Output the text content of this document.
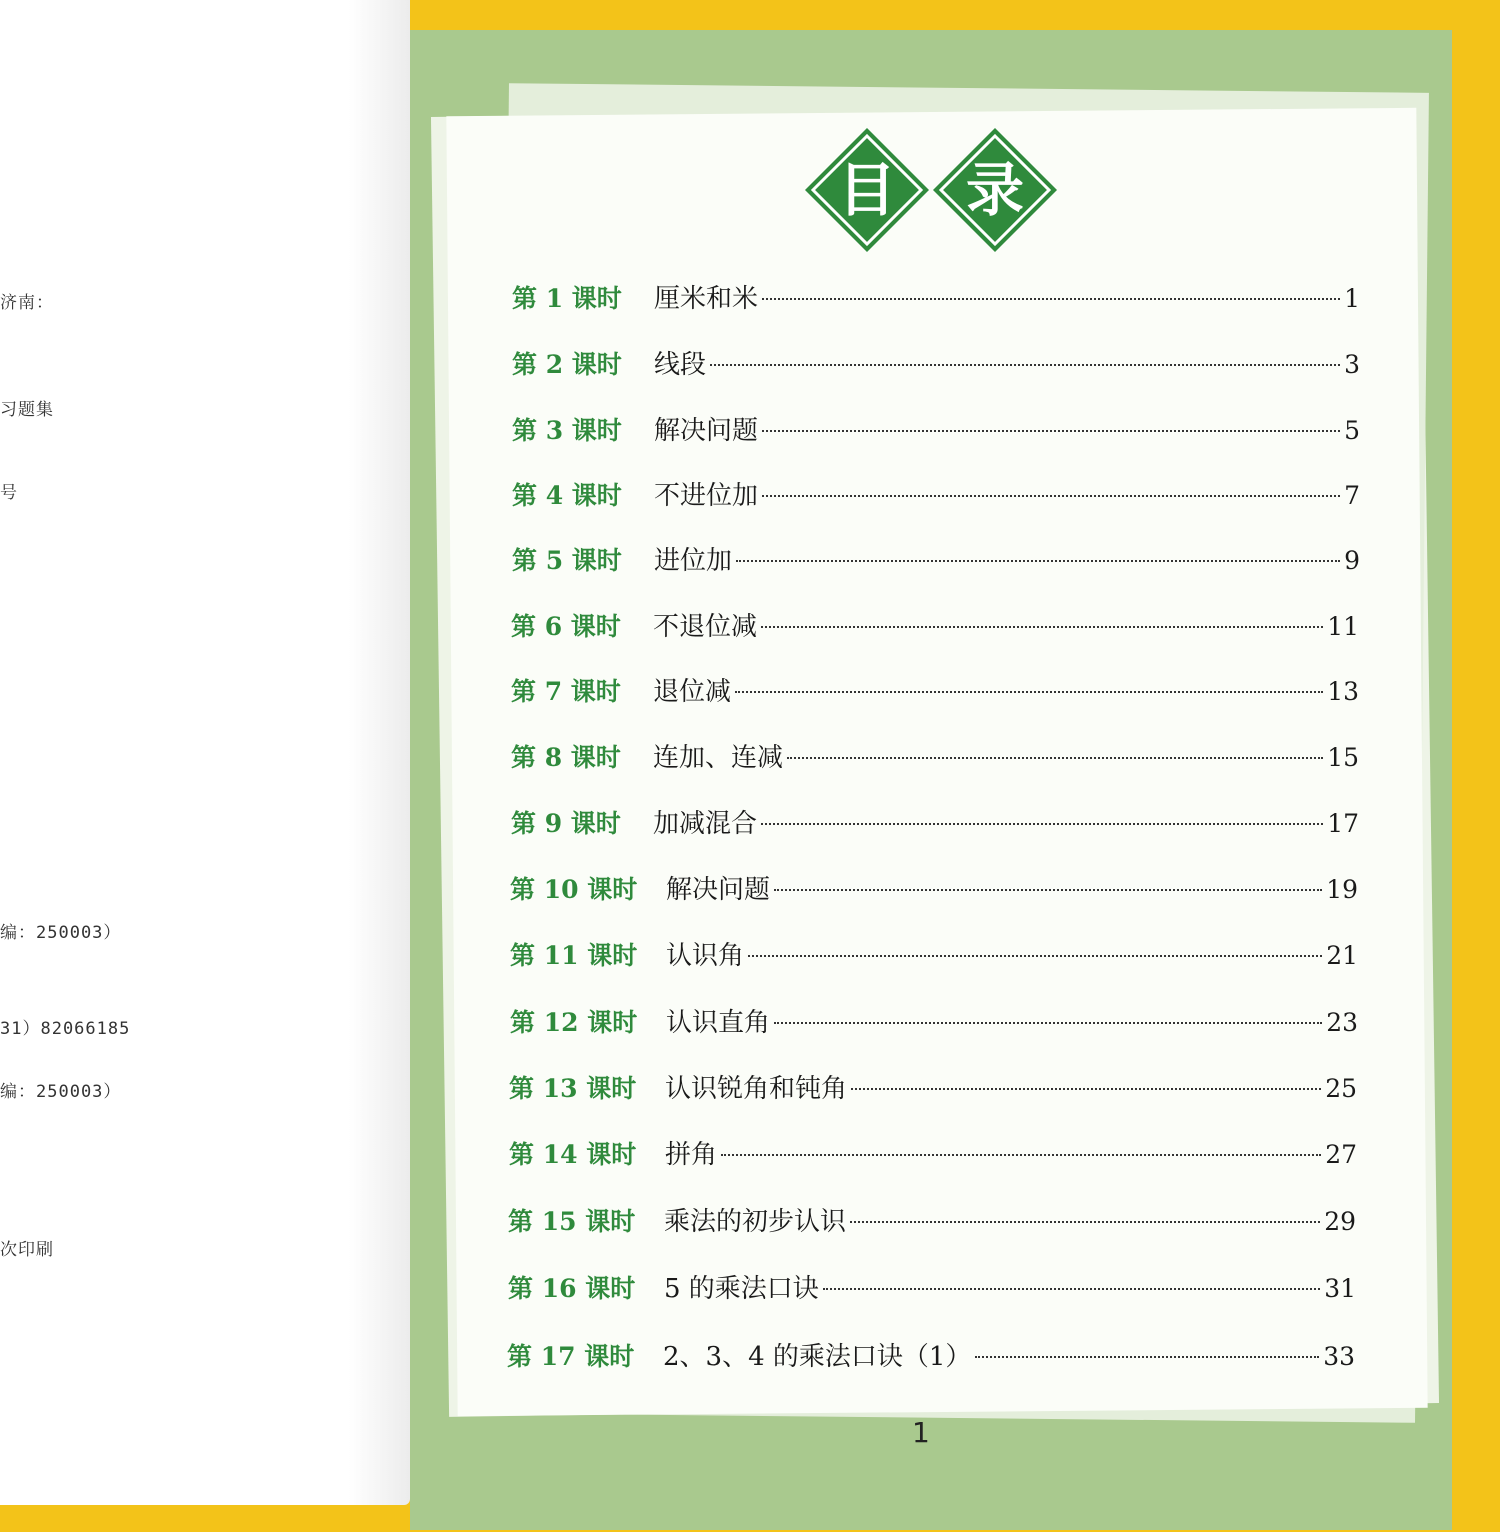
济南：
习题集
号
编：250003）
31）82066185
编：250003）
次印刷
目	录
第 1 课时	厘米和米	1
第 2 课时	线段	3
第 3 课时	解决问题	5
第 4 课时	不进位加	7
第 5 课时	进位加	9
第 6 课时	不退位减	11
第 7 课时	退位减	13
第 8 课时	连加、连减	15
第 9 课时	加减混合	17
第 10 课时	解决问题	19
第 11 课时	认识角	21
第 12 课时	认识直角	23
第 13 课时	认识锐角和钝角	25
第 14 课时	拼角	27
第 15 课时	乘法的初步认识	29
第 16 课时	5 的乘法口诀	31
第 17 课时	2、3、4 的乘法口诀（1）	33
1
